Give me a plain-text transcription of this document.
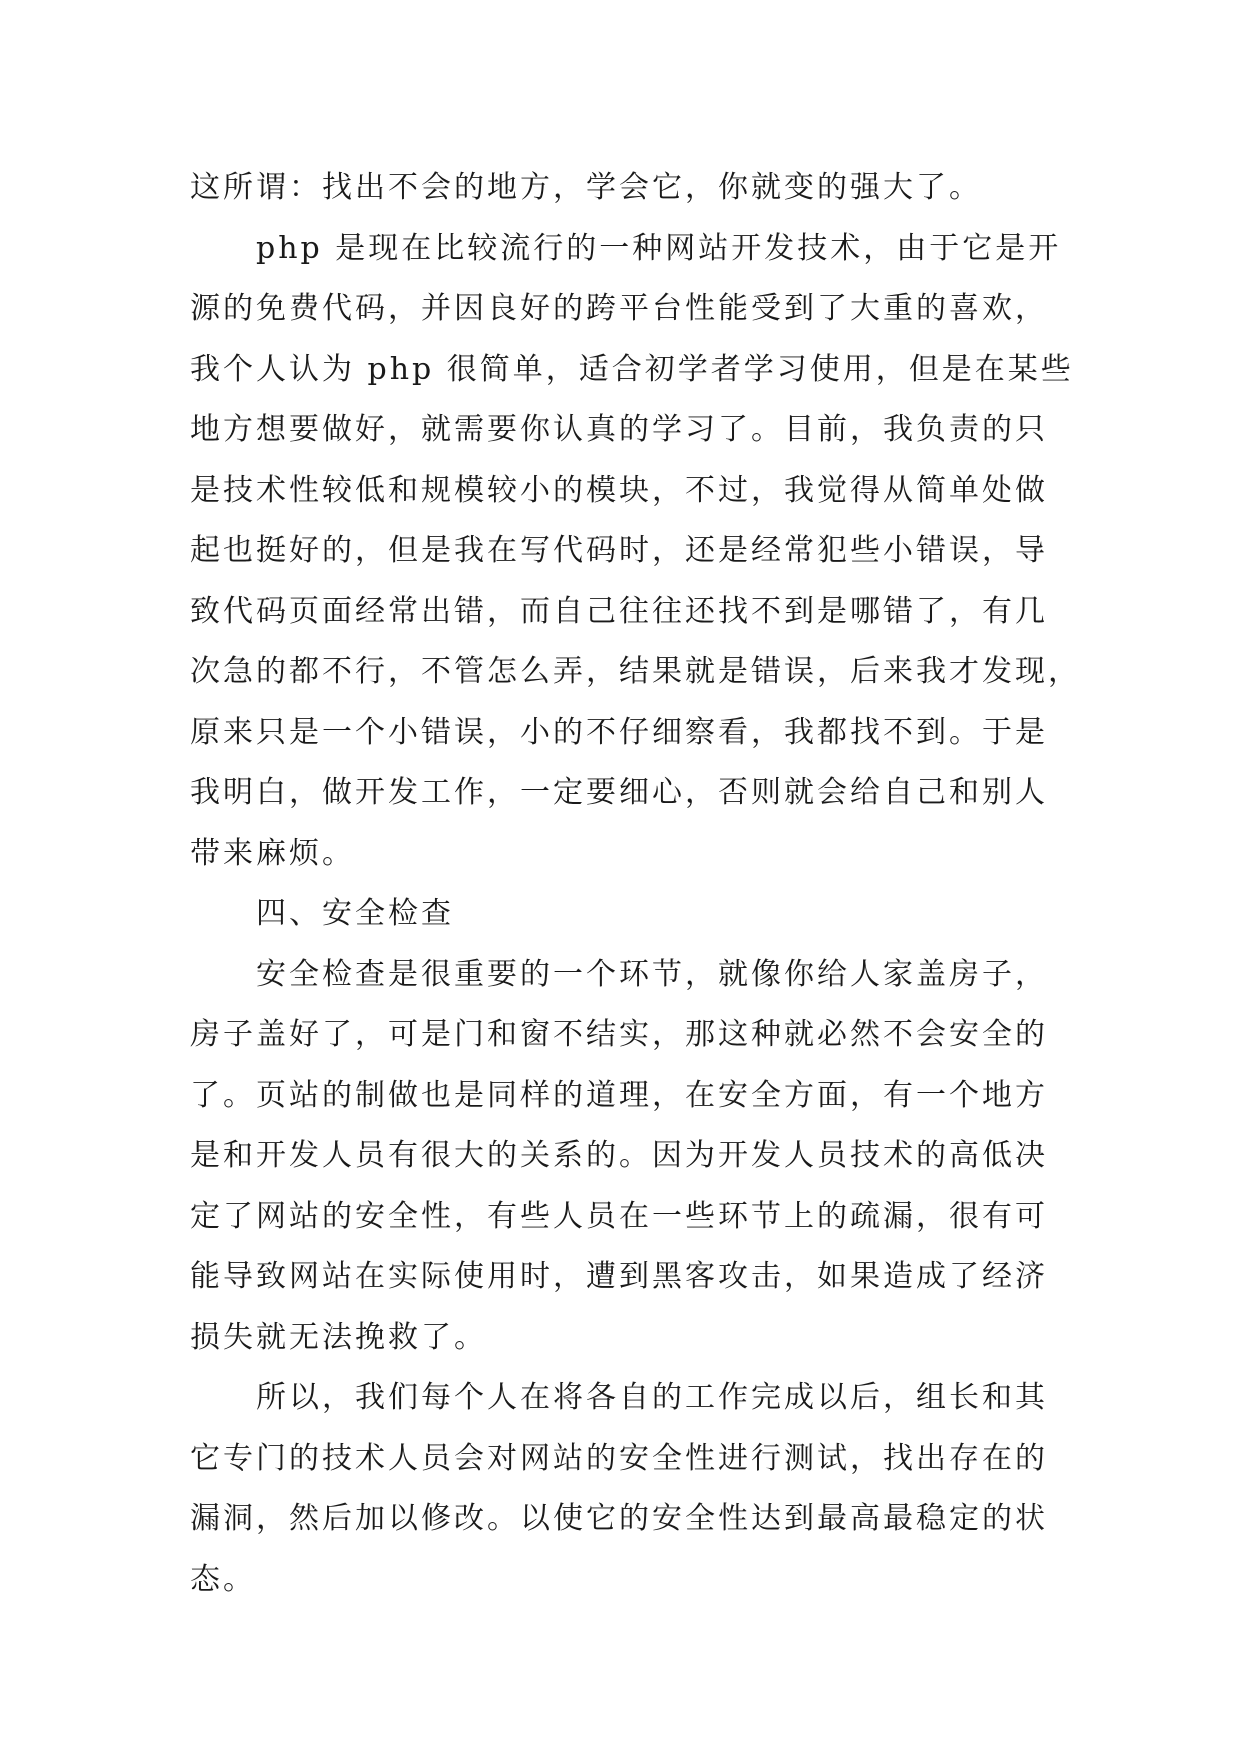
这所谓：找出不会的地方，学会它，你就变的强大了。
php 是现在比较流行的一种网站开发技术，由于它是开
源的免费代码，并因良好的跨平台性能受到了大重的喜欢，
我个人认为 php 很简单，适合初学者学习使用，但是在某些
地方想要做好，就需要你认真的学习了。目前，我负责的只
是技术性较低和规模较小的模块，不过，我觉得从简单处做
起也挺好的，但是我在写代码时，还是经常犯些小错误，导
致代码页面经常出错，而自己往往还找不到是哪错了，有几
次急的都不行，不管怎么弄，结果就是错误，后来我才发现，
原来只是一个小错误，小的不仔细察看，我都找不到。于是
我明白，做开发工作，一定要细心，否则就会给自己和别人
带来麻烦。
四、安全检查
安全检查是很重要的一个环节，就像你给人家盖房子，
房子盖好了，可是门和窗不结实，那这种就必然不会安全的
了。页站的制做也是同样的道理，在安全方面，有一个地方
是和开发人员有很大的关系的。因为开发人员技术的高低决
定了网站的安全性，有些人员在一些环节上的疏漏，很有可
能导致网站在实际使用时，遭到黑客攻击，如果造成了经济
损失就无法挽救了。
所以，我们每个人在将各自的工作完成以后，组长和其
它专门的技术人员会对网站的安全性进行测试，找出存在的
漏洞，然后加以修改。以使它的安全性达到最高最稳定的状
态。
